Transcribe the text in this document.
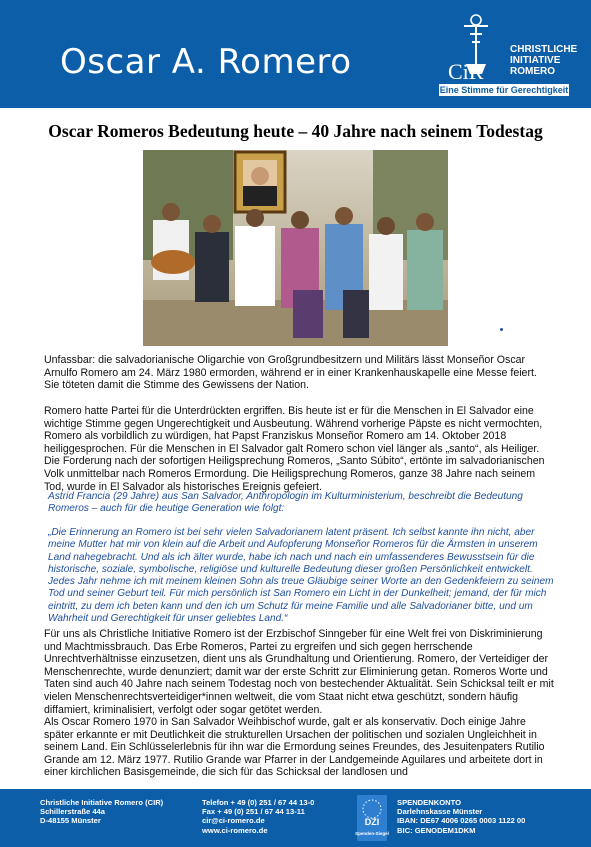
Oscar A. Romero	CiR
CHRISTLICHE
INITIATIVE
ROMERO
Eine Stimme für Gerechtigkeit
Oscar Romeros Bedeutung heute – 40 Jahre nach seinem Todestag

Unfassbar: die salvadorianische Oligarchie von Großgrundbesitzern und Militärs lässt Monseñor Oscar Arnulfo Romero am 24. März 1980 ermorden, während er in einer Krankenhauskapelle eine Messe feiert. Sie töteten damit die Stimme des Gewissens der Nation.

Romero hatte Partei für die Unterdrückten ergriffen. Bis heute ist er für die Menschen in El Salvador eine wichtige Stimme gegen Ungerechtigkeit und Ausbeutung. Während vorherige Päpste es nicht vermochten, Romero als vorbildlich zu würdigen, hat Papst Franziskus Monseñor Romero am 14. Oktober 2018 heiliggesprochen. Für die Menschen in El Salvador galt Romero schon viel länger als „santo“, als Heiliger. Die Forderung nach der sofortigen Heiligsprechung Romeros, „Santo Súbito“, ertönte im salvadorianischen Volk unmittelbar nach Romeros Ermordung. Die Heiligsprechung Romeros, ganze 38 Jahre nach seinem Tod, wurde in El Salvador als historisches Ereignis gefeiert.

Astrid Francia (29 Jahre) aus San Salvador, Anthropologin im Kulturministerium, beschreibt die Bedeutung Romeros – auch für die heutige Generation wie folgt:

„Die Erinnerung an Romero ist bei sehr vielen Salvadorianern latent präsent. Ich selbst kannte ihn nicht, aber meine Mutter hat mir von klein auf die Arbeit und Aufopferung Monseñor Romeros für die Ärmsten in unserem Land nahegebracht. Und als ich älter wurde, habe ich nach und nach ein umfassenderes Bewusstsein für die historische, soziale, symbolische, religiöse und kulturelle Bedeutung dieser großen Persönlichkeit entwickelt. Jedes Jahr nehme ich mit meinem kleinen Sohn als treue Gläubige seiner Worte an den Gedenkfeiern zu seinem Tod und seiner Geburt teil. Für mich persönlich ist San Romero ein Licht in der Dunkelheit; jemand, der für mich eintritt, zu dem ich beten kann und den ich um Schutz für meine Familie und alle Salvadorianer bitte, und um Wahrheit und Gerechtigkeit für unser geliebtes Land.“

Für uns als Christliche Initiative Romero ist der Erzbischof Sinngeber für eine Welt frei von Diskriminierung und Machtmissbrauch. Das Erbe Romeros, Partei zu ergreifen und sich gegen herrschende Unrechtverhältnisse einzusetzen, dient uns als Grundhaltung und Orientierung. Romero, der Verteidiger der Menschenrechte, wurde denunziert; damit war der erste Schritt zur Eliminierung getan. Romeros Worte und Taten sind auch 40 Jahre nach seinem Todestag noch von bestechender Aktualität. Sein Schicksal teilt er mit vielen Menschenrechtsverteidiger*innen weltweit, die vom Staat nicht etwa geschützt, sondern häufig diffamiert, kriminalisiert, verfolgt oder sogar getötet werden.

Als Oscar Romero 1970 in San Salvador Weihbischof wurde, galt er als konservativ. Doch einige Jahre später erkannte er mit Deutlichkeit die strukturellen Ursachen der politischen und sozialen Ungleichheit in seinem Land. Ein Schlüsselerlebnis für ihn war die Ermordung seines Freundes, des Jesuitenpaters Rutilio Grande am 12. März 1977. Rutilio Grande war Pfarrer in der Landgemeinde Aguilares und arbeitete dort in einer kirchlichen Basisgemeinde, die sich für das Schicksal der landlosen und

Christliche Initiative Romero (CIR)
Schillerstraße 44a
D-48155 Münster
Telefon + 49 (0) 251 / 67 44 13-0
Fax + 49 (0) 251 / 67 44 13-11
cir@ci-romero.de
www.ci-romero.de
DZI
Spenden-Siegel
SPENDENKONTO
Darlehnskasse Münster
IBAN: DE67 4006 0265 0003 1122 00
BIC: GENODEM1DKM
